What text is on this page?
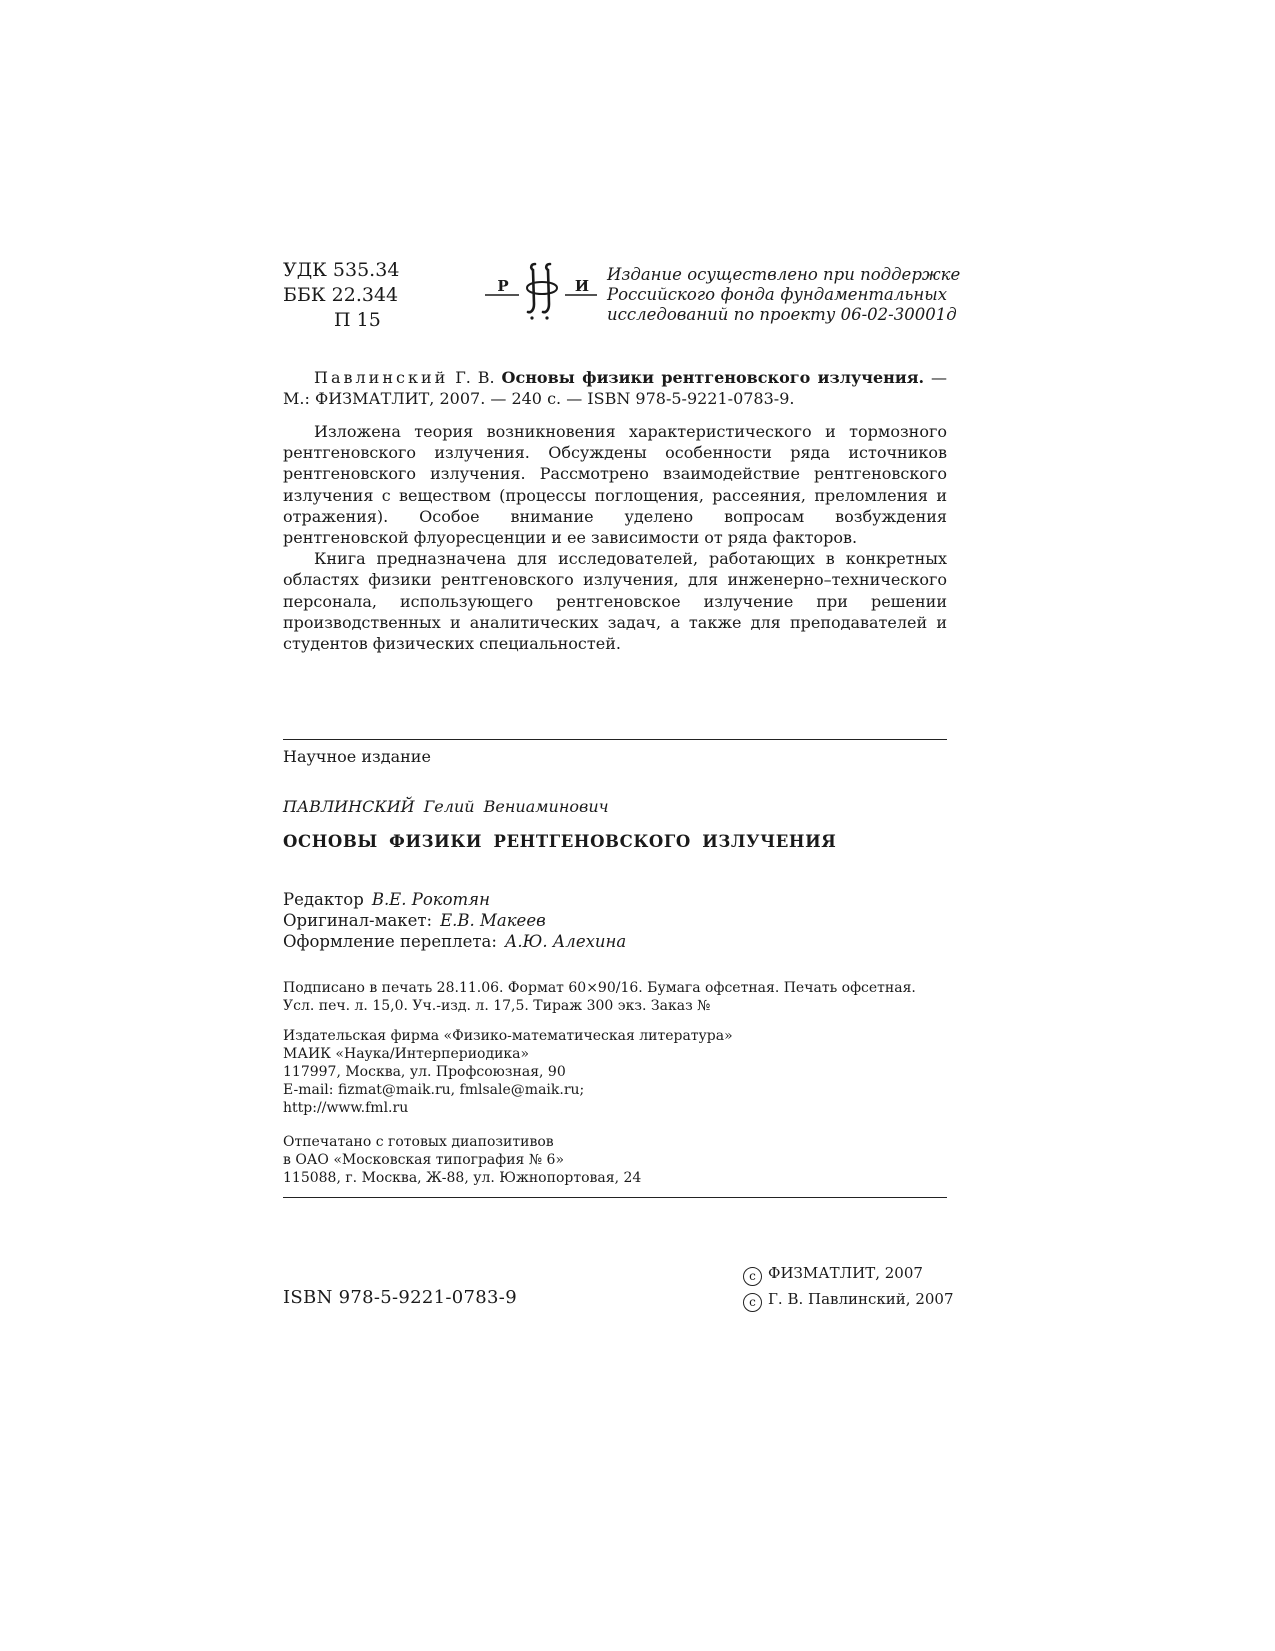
УДК 535.34
ББК 22.344
П 15
Р	И
Издание осуществлено при поддержке
Российского фонда фундаментальных
исследований по проекту 06-02-30001д

Павлинский Г. В. Основы физики рентгеновского излучения. — М.: ФИЗМАТЛИТ, 2007. — 240 с. — ISBN 978-5-9221-0783-9.

Изложена теория возникновения характеристического и тормозного рентгеновского излучения. Обсуждены особенности ряда источников рентгеновского излучения. Рассмотрено взаимодействие рентгеновского излучения с веществом (процессы поглощения, рассеяния, преломления и отражения). Особое внимание уделено вопросам возбуждения рентгеновской флуоресценции и ее зависимости от ряда факторов.

Книга предназначена для исследователей, работающих в конкретных областях физики рентгеновского излучения, для инженерно–технического персонала, использующего рентгеновское излучение при решении производственных и аналитических задач, а также для преподавателей и студентов физических специальностей.

Научное издание
ПАВЛИНСКИЙ Гелий Вениаминович
ОСНОВЫ ФИЗИКИ РЕНТГЕНОВСКОГО ИЗЛУЧЕНИЯ
Редактор В.Е. Рокотян
Оригинал-макет: Е.В. Макеев
Оформление переплета: А.Ю. Алехина
Подписано в печать 28.11.06. Формат 60×90/16. Бумага офсетная. Печать офсетная.
Усл. печ. л. 15,0. Уч.-изд. л. 17,5. Тираж 300 экз. Заказ №
Издательская фирма «Физико-математическая литература»
МАИК «Наука/Интерпериодика»
117997, Москва, ул. Профсоюзная, 90
E-mail: fizmat@maik.ru, fmlsale@maik.ru;
http://www.fml.ru
Отпечатано с готовых диапозитивов
в ОАО «Московская типография № 6»
115088, г. Москва, Ж-88, ул. Южнопортовая, 24
ISBN 978-5-9221-0783-9
c ФИЗМАТЛИТ, 2007
c Г. В. Павлинский, 2007
